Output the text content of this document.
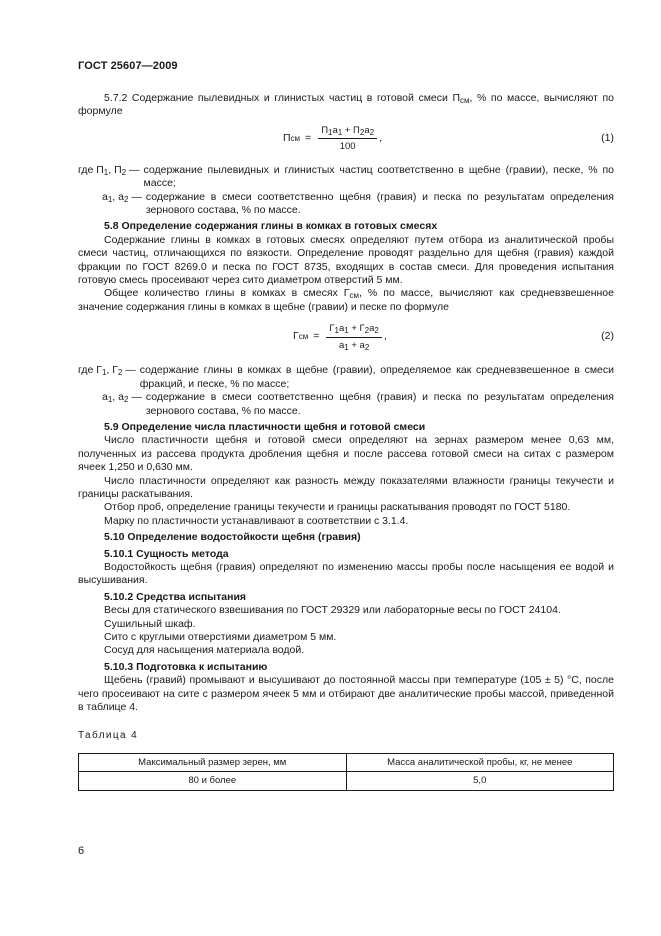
ГОСТ 25607—2009

5.7.2 Содержание пылевидных и глинистых частиц в готовой смеси $П_{см}$, % по массе, вычисляют по формуле

П см = $\frac{П_1а_1 + П_2а_2}{100}$ ,	(1)
где $П_1$, $П_2$ — содержание пылевидных и глинистых частиц соответственно в щебне (гравии), песке, % по массе;
$а_1$, $а_2$ — содержание в смеси соответственно щебня (гравия) и песка по результатам определения зернового состава, % по массе.

5.8 Определение содержания глины в комках в готовых смесях

Содержание глины в комках в готовых смесях определяют путем отбора из аналитической пробы смеси частиц, отличающихся по вязкости. Определение проводят раздельно для щебня (гравия) каждой фракции по ГОСТ 8269.0 и песка по ГОСТ 8735, входящих в состав смеси. Для проведения испытания готовую смесь просеивают через сито диаметром отверстий 5 мм.

Общее количество глины в комках в смесях $Г_{см}$, % по массе, вычисляют как средневзвешенное значение содержания глины в комках в щебне (гравии) и песке по формуле

Г см = $\frac{Г_1а_1 + Г_2а_2}{а_1 + а_2}$ ,	(2)
где $Г_1$, $Г_2$ — содержание глины в комках в щебне (гравии), определяемое как средневзвешенное в смеси фракций, и песке, % по массе;
$а_1$, $а_2$ — содержание в смеси соответственно щебня (гравия) и песка по результатам определения зернового состава, % по массе.

5.9 Определение числа пластичности щебня и готовой смеси

Число пластичности щебня и готовой смеси определяют на зернах размером менее 0,63 мм, полученных из рассева продукта дробления щебня и после рассева готовой смеси на ситах с размером ячеек 1,250 и 0,630 мм.

Число пластичности определяют как разность между показателями влажности границы текучести и границы раскатывания.

Отбор проб, определение границы текучести и границы раскатывания проводят по ГОСТ 5180.

Марку по пластичности устанавливают в соответствии с 3.1.4.

5.10 Определение водостойкости щебня (гравия)

5.10.1 Сущность метода

Водостойкость щебня (гравия) определяют по изменению массы пробы после насыщения ее водой и высушивания.

5.10.2 Средства испытания

Весы для статического взвешивания по ГОСТ 29329 или лабораторные весы по ГОСТ 24104.

Сушильный шкаф.

Сито с круглыми отверстиями диаметром 5 мм.

Сосуд для насыщения материала водой.

5.10.3 Подготовка к испытанию

Щебень (гравий) промывают и высушивают до постоянной массы при температуре (105 ± 5) °С, после чего просеивают на сите с размером ячеек 5 мм и отбирают две аналитические пробы массой, приведенной в таблице 4.

Таблица 4

Максимальный размер зерен, мм	Масса аналитической пробы, кг, не менее
80 и более	5,0
6
